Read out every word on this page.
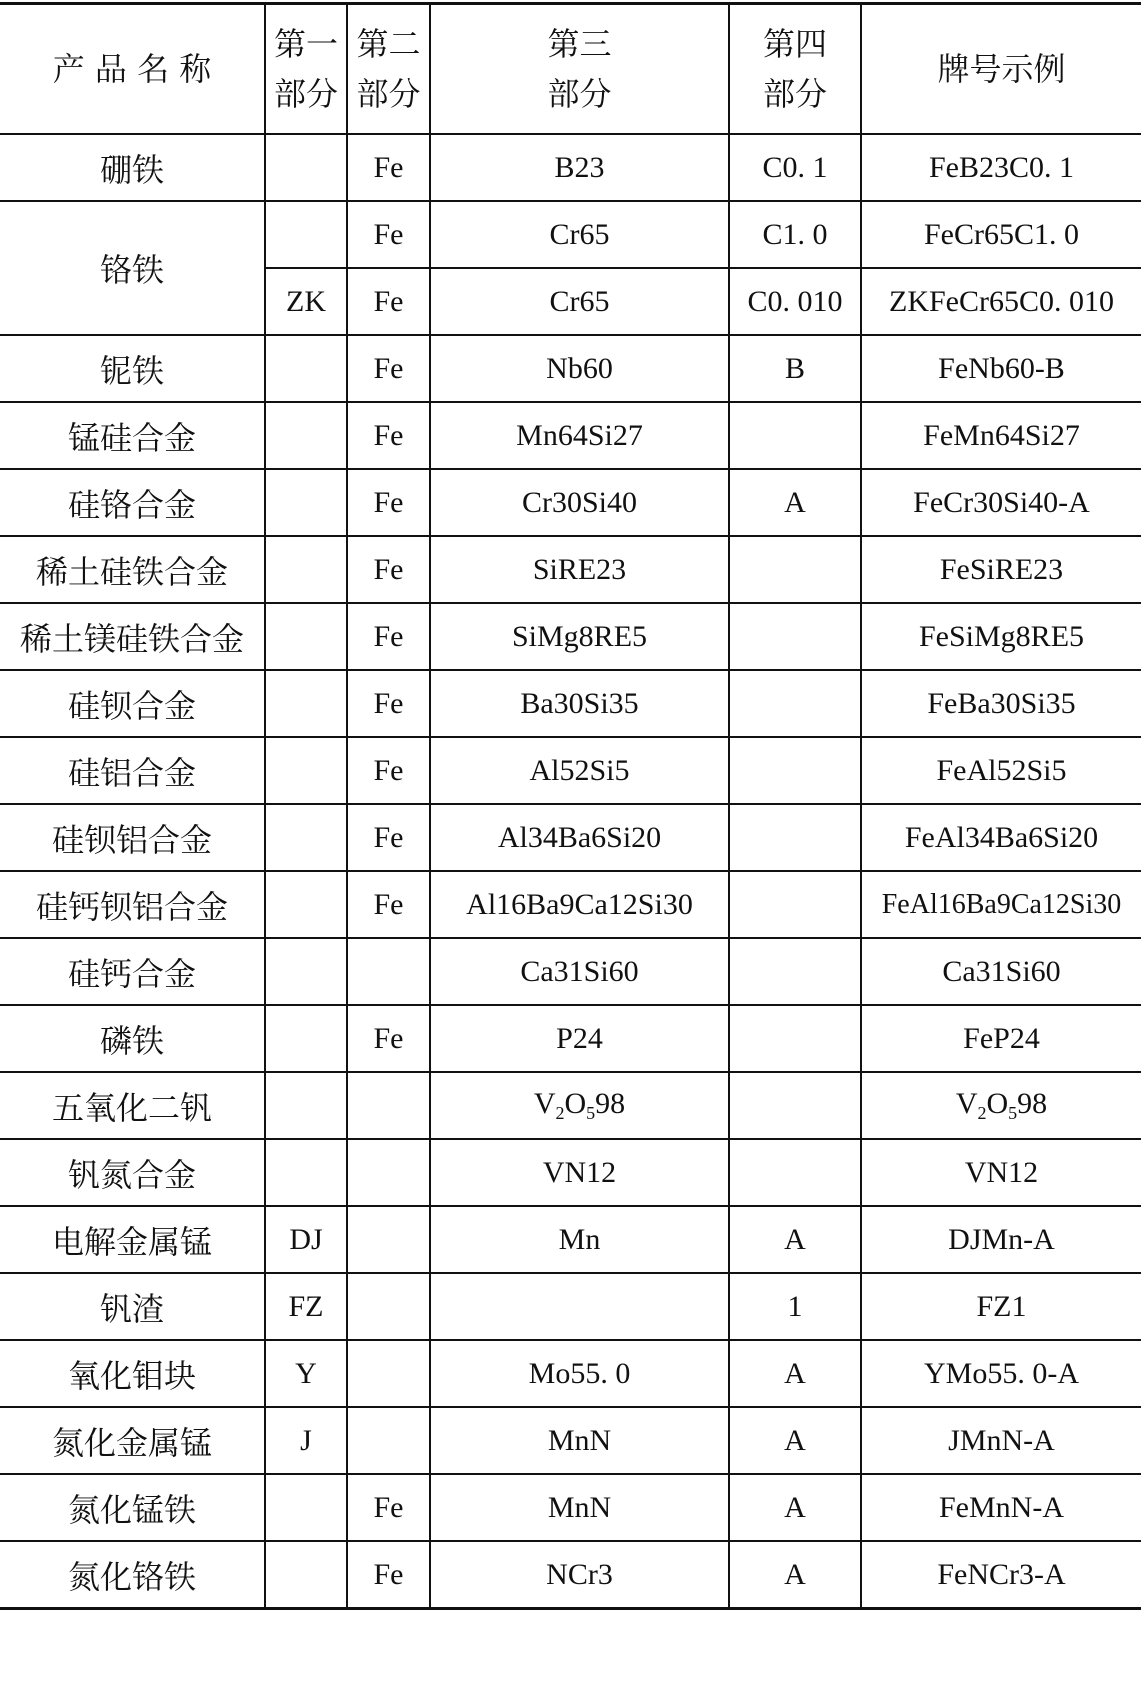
产 品 名 称	第一部分	第二部分	第三部分	第四部分	牌号示例
硼铁		Fe	B23	C0. 1	FeB23C0. 1
铬铁		Fe	Cr65	C1. 0	FeCr65C1. 0
	ZK	Fe	Cr65	C0. 010	ZKFeCr65C0. 010
铌铁		Fe	Nb60	B	FeNb60-B
锰硅合金		Fe	Mn64Si27		FeMn64Si27
硅铬合金		Fe	Cr30Si40	A	FeCr30Si40-A
稀土硅铁合金		Fe	SiRE23		FeSiRE23
稀土镁硅铁合金		Fe	SiMg8RE5		FeSiMg8RE5
硅钡合金		Fe	Ba30Si35		FeBa30Si35
硅铝合金		Fe	Al52Si5		FeAl52Si5
硅钡铝合金		Fe	Al34Ba6Si20		FeAl34Ba6Si20
硅钙钡铝合金		Fe	Al16Ba9Ca12Si30		FeAl16Ba9Ca12Si30
硅钙合金			Ca31Si60		Ca31Si60
磷铁		Fe	P24		FeP24
五氧化二钒			$V_2O_598$		$V_2O_598$
钒氮合金			VN12		VN12
电解金属锰	DJ		Mn	A	DJMn-A
钒渣	FZ			1	FZ1
氧化钼块	Y		Mo55. 0	A	YMo55. 0-A
氮化金属锰	J		MnN	A	JMnN-A
氮化锰铁		Fe	MnN	A	FeMnN-A
氮化铬铁		Fe	NCr3	A	FeNCr3-A
